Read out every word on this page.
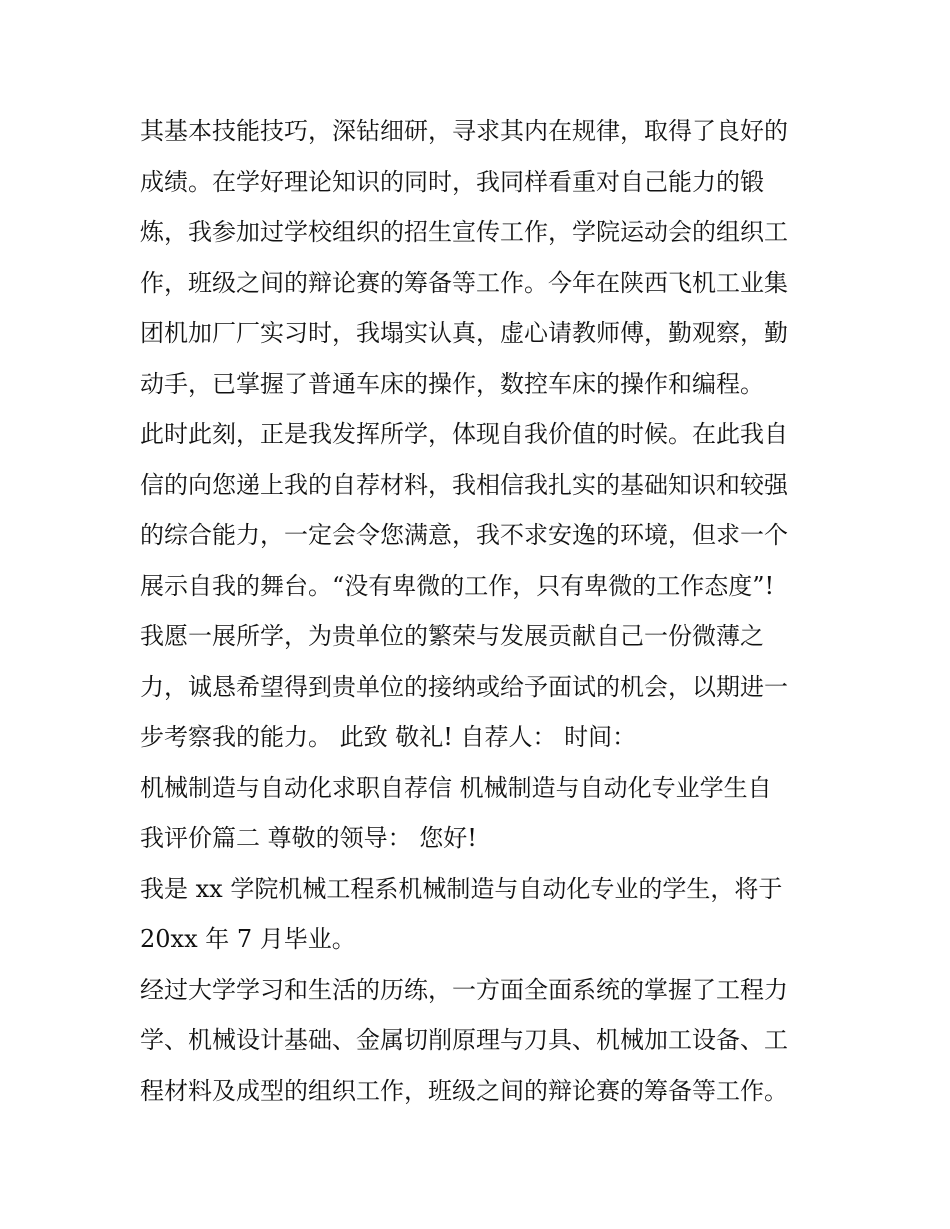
其基本技能技巧，深钻细研，寻求其内在规律，取得了良好的
成绩。在学好理论知识的同时，我同样看重对自己能力的锻
炼，我参加过学校组织的招生宣传工作，学院运动会的组织工
作，班级之间的辩论赛的筹备等工作。今年在陕西飞机工业集
团机加厂厂实习时，我塌实认真，虚心请教师傅，勤观察，勤
动手，已掌握了普通车床的操作，数控车床的操作和编程。
此时此刻，正是我发挥所学，体现自我价值的时候。在此我自
信的向您递上我的自荐材料，我相信我扎实的基础知识和较强
的综合能力，一定会令您满意，我不求安逸的环境，但求一个
展示自我的舞台。“没有卑微的工作，只有卑微的工作态度”!
我愿一展所学，为贵单位的繁荣与发展贡献自己一份微薄之
力，诚恳希望得到贵单位的接纳或给予面试的机会，以期进一
步考察我的能力。 此致 敬礼! 自荐人： 时间：
机械制造与自动化求职自荐信 机械制造与自动化专业学生自
我评价篇二 尊敬的领导： 您好!
我是 xx 学院机械工程系机械制造与自动化专业的学生，将于
20xx 年 7 月毕业。
经过大学学习和生活的历练，一方面全面系统的掌握了工程力
学、机械设计基础、金属切削原理与刀具、机械加工设备、工
程材料及成型的组织工作，班级之间的辩论赛的筹备等工作。
